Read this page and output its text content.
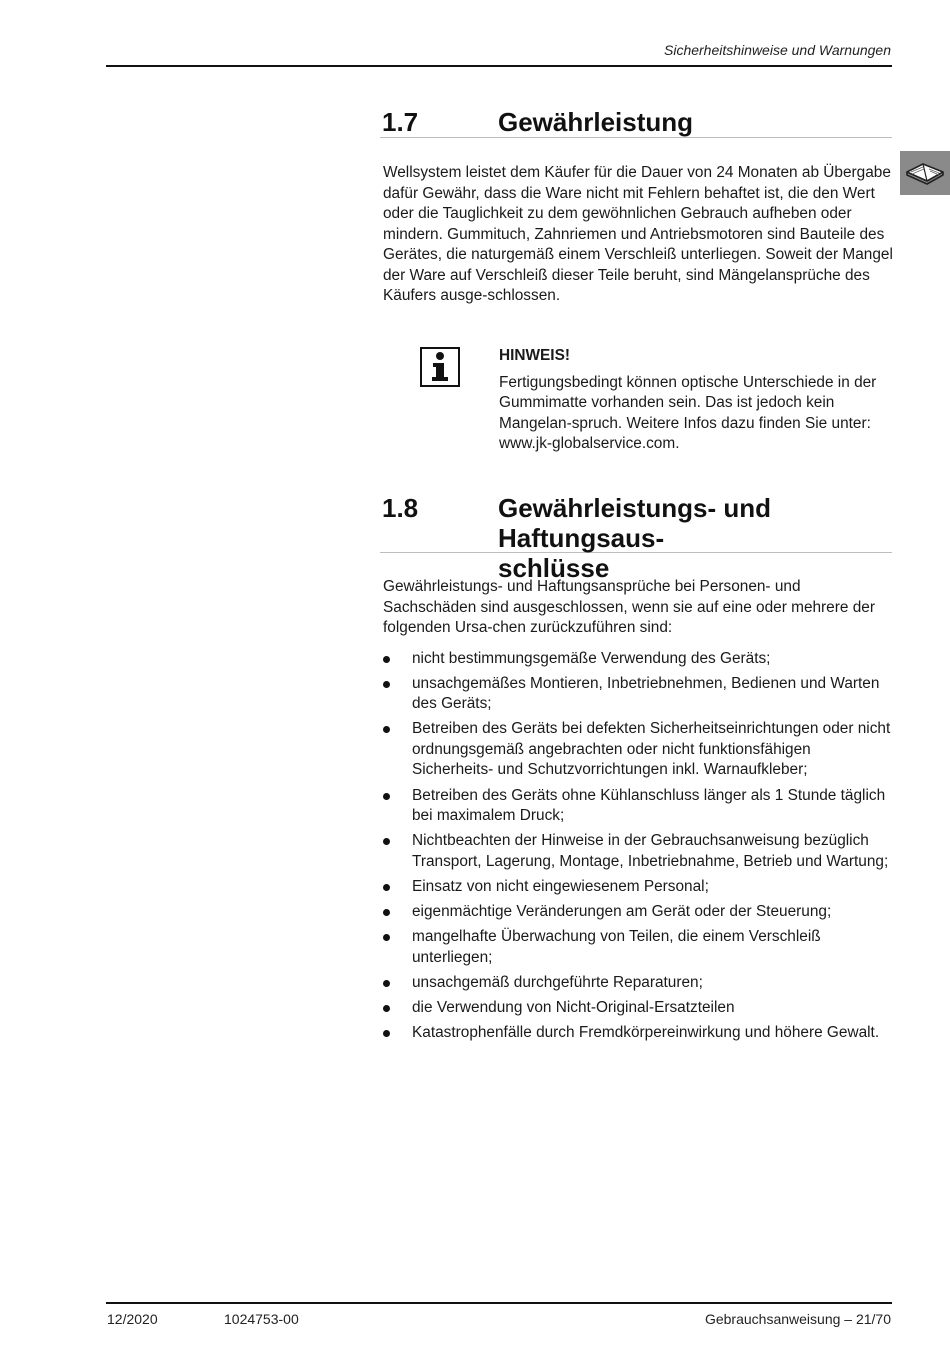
Sicherheitshinweise und Warnungen
1.7	Gewährleistung

Wellsystem leistet dem Käufer für die Dauer von 24 Monaten ab Übergabe dafür Gewähr, dass die Ware nicht mit Fehlern behaftet ist, die den Wert oder die Tauglichkeit zu dem gewöhnlichen Gebrauch aufheben oder mindern. Gummituch, Zahnriemen und Antriebsmotoren sind Bauteile des Gerätes, die naturgemäß einem Verschleiß unterliegen. Soweit der Mangel der Ware auf Verschleiß dieser Teile beruht, sind Mängelansprüche des Käufers ausge-schlossen.

HINWEIS!
Fertigungsbedingt können optische Unterschiede in der Gummimatte vorhanden sein. Das ist jedoch kein Mangelan-spruch. Weitere Infos dazu finden Sie unter: www.jk-globalservice.com.
1.8	Gewährleistungs- und Haftungsaus-
schlüsse

Gewährleistungs- und Haftungsansprüche bei Personen- und Sachschäden sind ausgeschlossen, wenn sie auf eine oder mehrere der folgenden Ursa-chen zurückzuführen sind:

nicht bestimmungsgemäße Verwendung des Geräts;
unsachgemäßes Montieren, Inbetriebnehmen, Bedienen und Warten des Geräts;
Betreiben des Geräts bei defekten Sicherheitseinrichtungen oder nicht ordnungsgemäß angebrachten oder nicht funktionsfähigen Sicherheits- und Schutzvorrichtungen inkl. Warnaufkleber;
Betreiben des Geräts ohne Kühlanschluss länger als 1 Stunde täglich bei maximalem Druck;
Nichtbeachten der Hinweise in der Gebrauchsanweisung bezüglich Transport, Lagerung, Montage, Inbetriebnahme, Betrieb und Wartung;
Einsatz von nicht eingewiesenem Personal;
eigenmächtige Veränderungen am Gerät oder der Steuerung;
mangelhafte Überwachung von Teilen, die einem Verschleiß unterliegen;
unsachgemäß durchgeführte Reparaturen;
die Verwendung von Nicht-Original-Ersatzteilen
Katastrophenfälle durch Fremdkörpereinwirkung und höhere Gewalt.
12/2020	1024753-00	Gebrauchsanweisung – 21/70
